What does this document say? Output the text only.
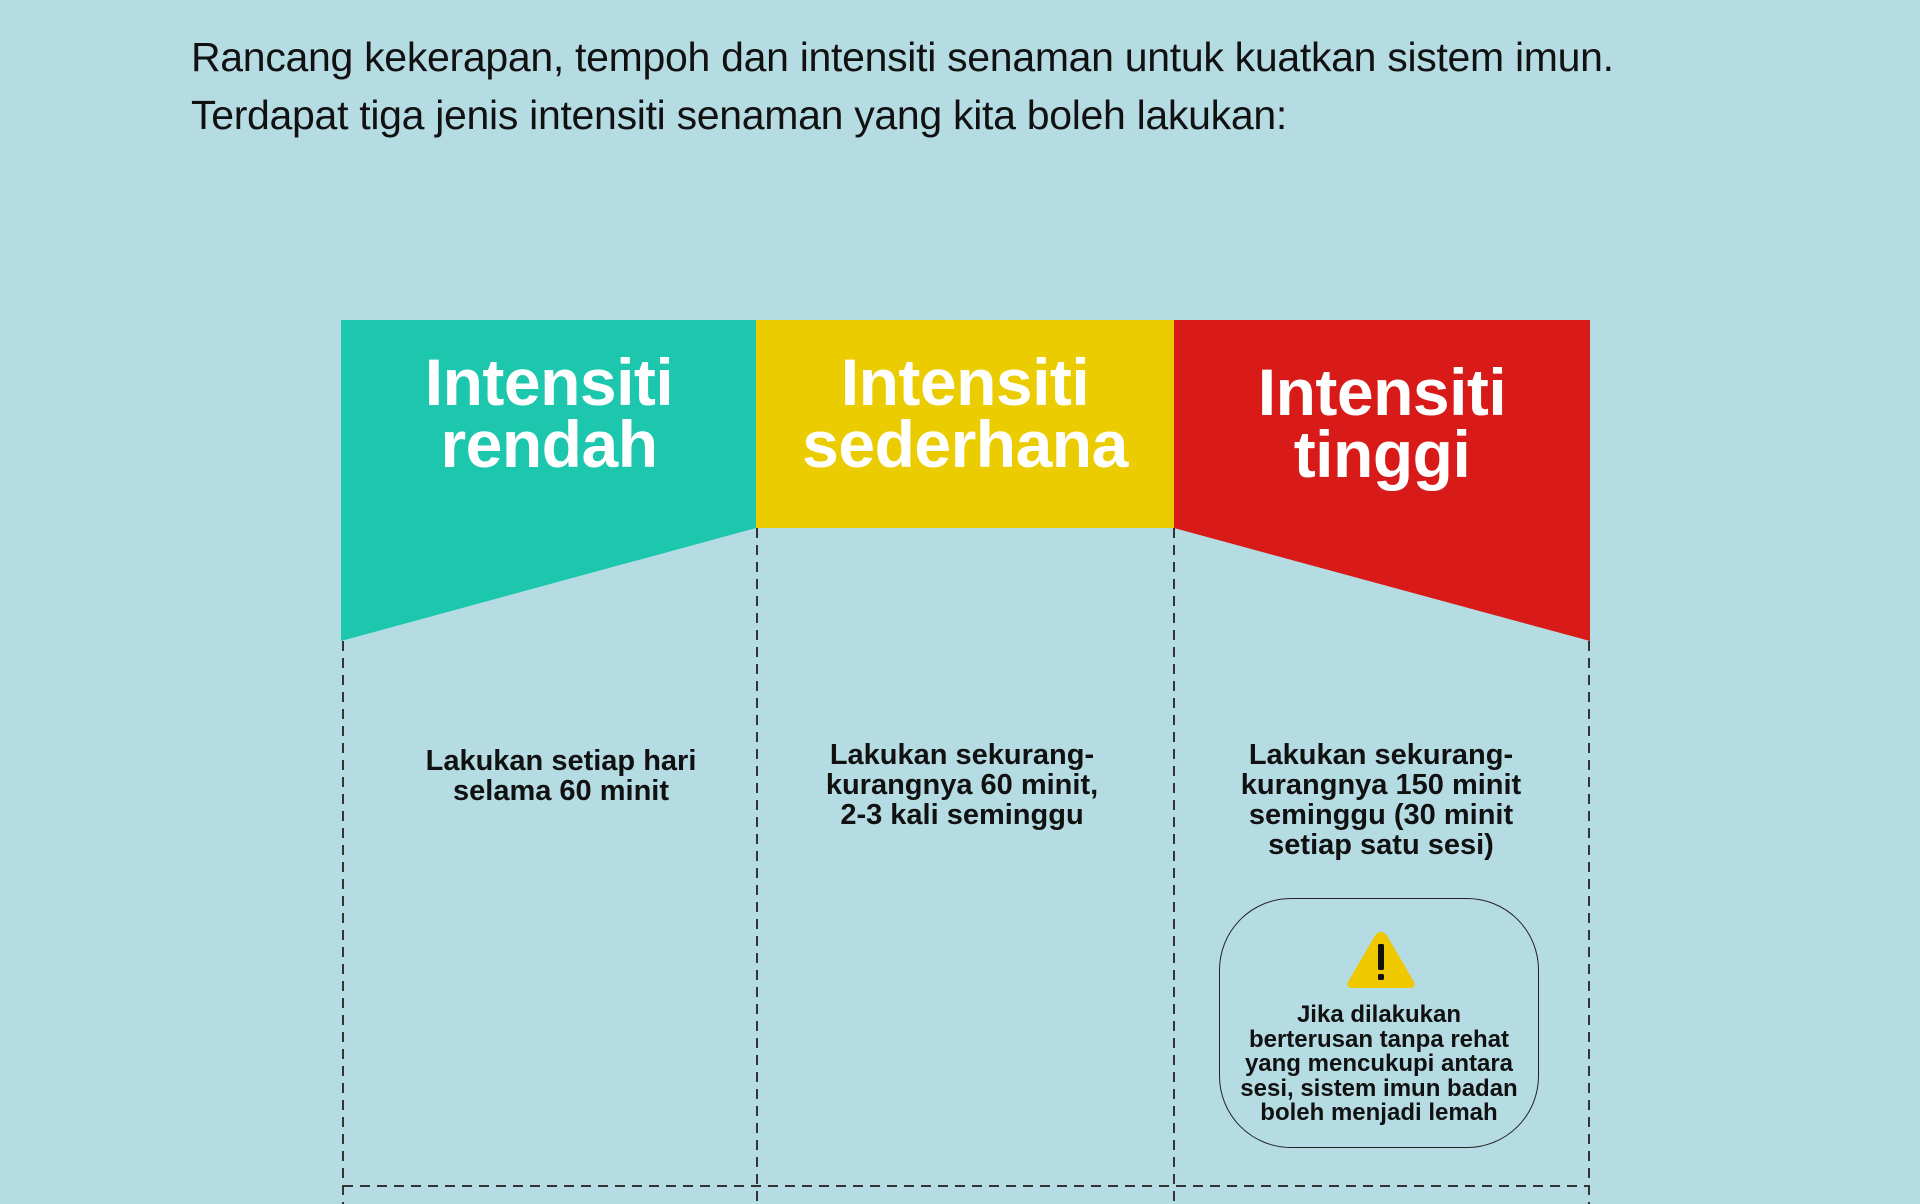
Rancang kekerapan, tempoh dan intensiti senaman untuk kuatkan sistem imun.
Terdapat tiga jenis intensiti senaman yang kita boleh lakukan:
Intensiti
rendah
Intensiti
sederhana
Intensiti
tinggi
Lakukan setiap hari
selama 60 minit
Lakukan sekurang-
kurangnya 60 minit,
2-3 kali seminggu
Lakukan sekurang-
kurangnya 150 minit
seminggu (30 minit
setiap satu sesi)
Jika dilakukan
berterusan tanpa rehat
yang mencukupi antara
sesi, sistem imun badan
boleh menjadi lemah
